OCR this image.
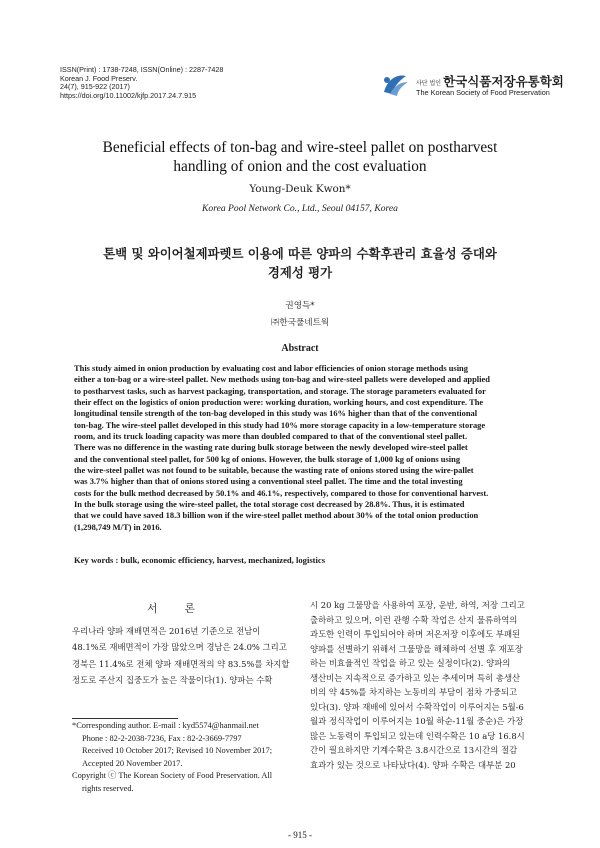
ISSN(Print) : 1738-7248, ISSN(Online) : 2287-7428
Korean J. Food Preserv.
24(7), 915-922 (2017)
https://doi.org/10.11002/kjfp.2017.24.7.915
사단 법인 한국식품저장유통학회
The Korean Society of Food Preservation
Beneficial effects of ton-bag and wire-steel pallet on postharvest
handling of onion and the cost evaluation
Young-Deuk Kwon*
Korea Pool Network Co., Ltd., Seoul 04157, Korea
톤백 및 와이어철제파렛트 이용에 따른 양파의 수확후관리 효율성 증대와
경제성 평가
권영득*
㈜한국풀네트웍
Abstract
This study aimed in onion production by evaluating cost and labor efficiencies of onion storage methods using
either a ton-bag or a wire-steel pallet. New methods using ton-bag and wire-steel pallets were developed and applied
to postharvest tasks, such as harvest packaging, transportation, and storage. The storage parameters evaluated for
their effect on the logistics of onion production were: working duration, working hours, and cost expenditure. The
longitudinal tensile strength of the ton-bag developed in this study was 16% higher than that of the conventional
ton-bag. The wire-steel pallet developed in this study had 10% more storage capacity in a low-temperature storage
room, and its truck loading capacity was more than doubled compared to that of the conventional steel pallet.
There was no difference in the wasting rate during bulk storage between the newly developed wire-steel pallet
and the conventional steel pallet, for 500 kg of onions. However, the bulk storage of 1,000 kg of onions using
the wire-steel pallet was not found to be suitable, because the wasting rate of onions stored using the wire-pallet
was 3.7% higher than that of onions stored using a conventional steel pallet. The time and the total investing
costs for the bulk method decreased by 50.1% and 46.1%, respectively, compared to those for conventional harvest.
In the bulk storage using the wire-steel pallet, the total storage cost decreased by 28.8%. Thus, it is estimated
that we could have saved 18.3 billion won if the wire-steel pallet method about 30% of the total onion production
(1,298,749 M/T) in 2016.
Key words : bulk, economic efficiency, harvest, mechanized, logistics
서 론
우리나라 양파 재배면적은 2016년 기준으로 전남이
48.1%로 재배면적이 가장 많았으며 경남은 24.0% 그리고
경북은 11.4%로 전체 양파 재배면적의 약 83.5%를 차지할
정도로 주산지 집중도가 높은 작물이다(1). 양파는 수확
*Corresponding author. E-mail : kyd5574@hanmail.net
Phone : 82-2-2038-7236, Fax : 82-2-3669-7797
Received 10 October 2017; Revised 10 November 2017;
Accepted 20 November 2017.
Copyright ⓒ The Korean Society of Food Preservation. All
rights reserved.
시 20 kg 그물망을 사용하여 포장, 운반, 하역, 저장 그리고
출하하고 있으며, 이런 관행 수확 작업은 산지 물류하역의
과도한 인력이 투입되어야 하며 저온저장 이후에도 부패된
양파를 선별하기 위해서 그물망을 해체하여 선별 후 재포장
하는 비효율적인 작업을 하고 있는 실정이다(2). 양파의
생산비는 지속적으로 증가하고 있는 추세이며 특히 총생산
비의 약 45%를 차지하는 노동비의 부담이 점차 가중되고
있다(3). 양파 재배에 있어서 수확작업이 이루어지는 5월-6
월과 정식작업이 이루어지는 10월 하순-11월 중순)은 가장
많은 노동력이 투입되고 있는데 인력수확은 10 a당 16.8시
간이 필요하지만 기계수확은 3.8시간으로 13시간의 절감
효과가 있는 것으로 나타났다(4). 양파 수확은 대부분 20
- 915 -
